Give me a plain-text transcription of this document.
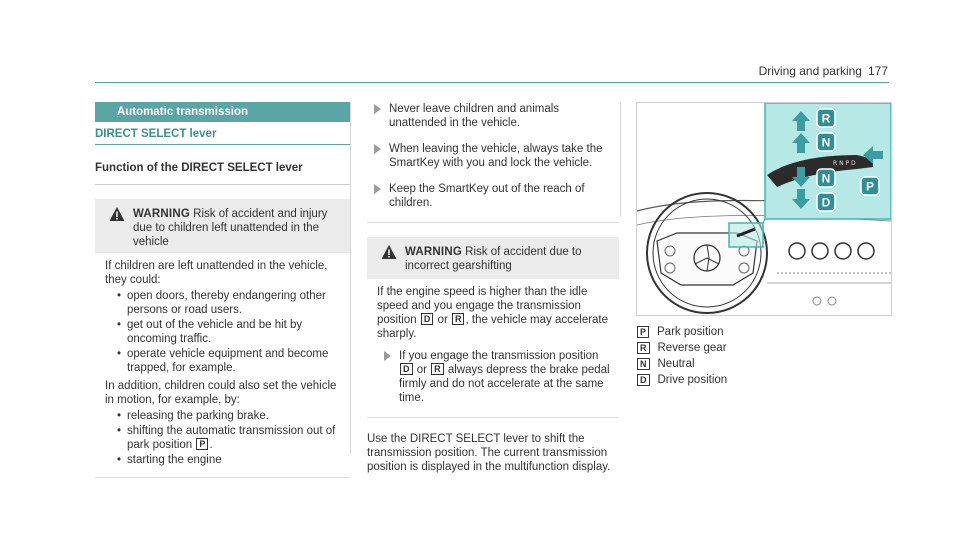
Driving and parking 177
Automatic transmission
DIRECT SELECT lever
Function of the DIRECT SELECT lever
WARNING Risk of accident and injury due to children left unattended in the vehicle

If children are left unattended in the vehicle, they could:

• open doors, thereby endangering other persons or road users.
• get out of the vehicle and be hit by oncoming traffic.
• operate vehicle equipment and become trapped, for example.

In addition, children could also set the vehicle in motion, for example, by:

• releasing the parking brake.
• shifting the automatic transmission out of park position P .
• starting the engine
Never leave children and animals unattended in the vehicle.
When leaving the vehicle, always take the SmartKey with you and lock the vehicle.
Keep the SmartKey out of the reach of children.
WARNING Risk of accident due to incorrect gearshifting

If the engine speed is higher than the idle speed and you engage the transmission position D or R , the vehicle may accelerate sharply.

If you engage the transmission position D or R always depress the brake pedal firmly and do not accelerate at the same time.

Use the DIRECT SELECT lever to shift the transmission position. The current transmission position is displayed in the multifunction display.

R N P D
R
N
N
P
D
P Park position
R Reverse gear
N Neutral
D Drive position
